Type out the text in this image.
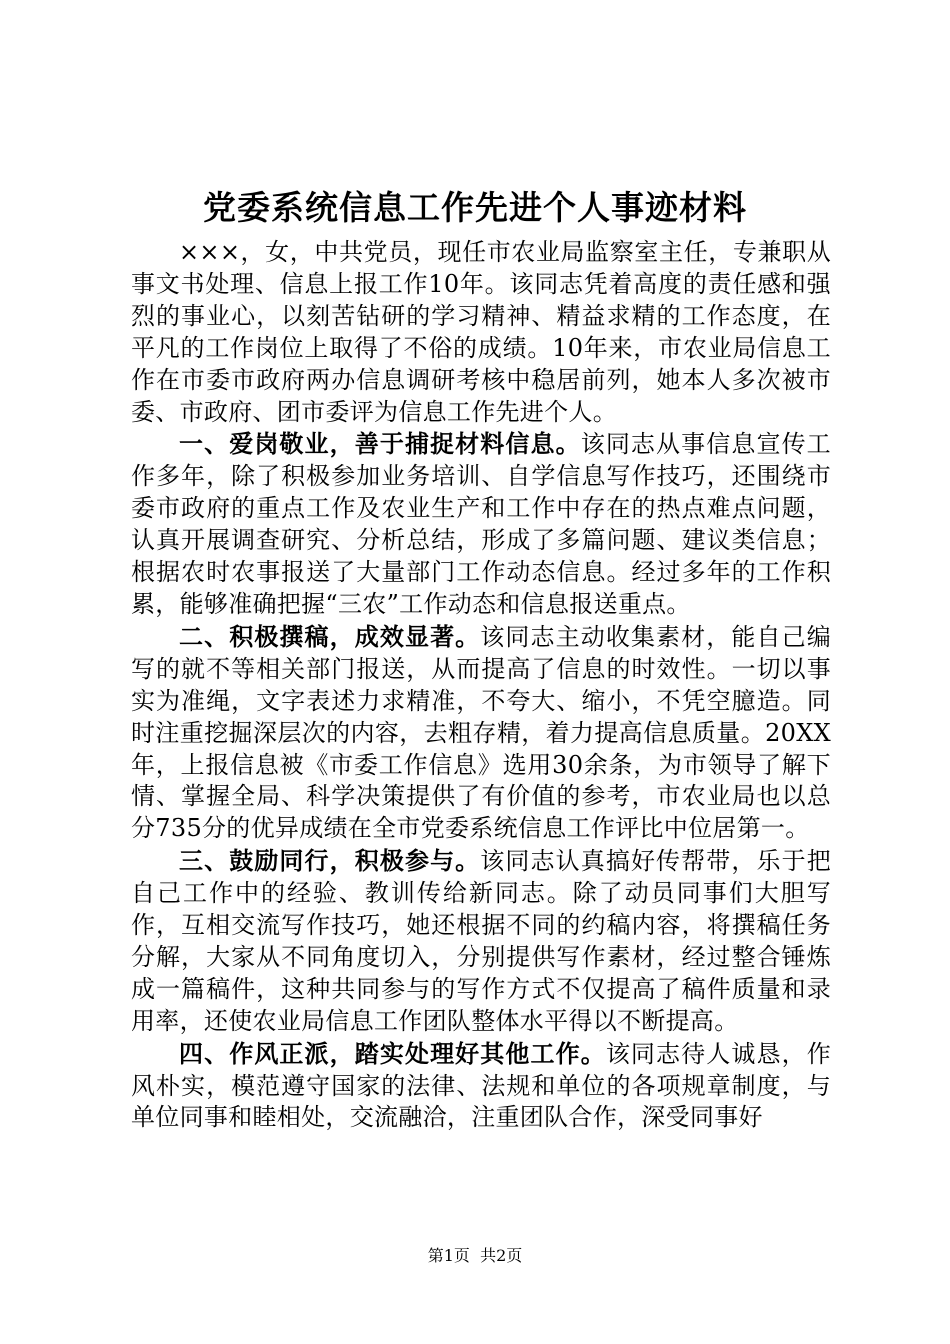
党委系统信息工作先进个人事迹材料

×××，女，中共党员，现任市农业局监察室主任，专兼职从事文书处理、信息上报工作10年。该同志凭着高度的责任感和强烈的事业心，以刻苦钻研的学习精神、精益求精的工作态度，在平凡的工作岗位上取得了不俗的成绩。10年来，市农业局信息工作在市委市政府两办信息调研考核中稳居前列，她本人多次被市委、市政府、团市委评为信息工作先进个人。

一、爱岗敬业，善于捕捉材料信息。该同志从事信息宣传工作多年，除了积极参加业务培训、自学信息写作技巧，还围绕市委市政府的重点工作及农业生产和工作中存在的热点难点问题，认真开展调查研究、分析总结，形成了多篇问题、建议类信息；根据农时农事报送了大量部门工作动态信息。经过多年的工作积累，能够准确把握“三农”工作动态和信息报送重点。

二、积极撰稿，成效显著。该同志主动收集素材，能自己编写的就不等相关部门报送，从而提高了信息的时效性。一切以事实为准绳，文字表述力求精准，不夸大、缩小，不凭空臆造。同时注重挖掘深层次的内容，去粗存精，着力提高信息质量。20XX年，上报信息被《市委工作信息》选用30余条，为市领导了解下情、掌握全局、科学决策提供了有价值的参考，市农业局也以总分735分的优异成绩在全市党委系统信息工作评比中位居第一。

三、鼓励同行，积极参与。该同志认真搞好传帮带，乐于把自己工作中的经验、教训传给新同志。除了动员同事们大胆写作，互相交流写作技巧，她还根据不同的约稿内容，将撰稿任务分解，大家从不同角度切入，分别提供写作素材，经过整合锤炼成一篇稿件，这种共同参与的写作方式不仅提高了稿件质量和录用率，还使农业局信息工作团队整体水平得以不断提高。

四、作风正派，踏实处理好其他工作。该同志待人诚恳，作风朴实，模范遵守国家的法律、法规和单位的各项规章制度，与单位同事和睦相处，交流融洽，注重团队合作，深受同事好

第1页  共2页
